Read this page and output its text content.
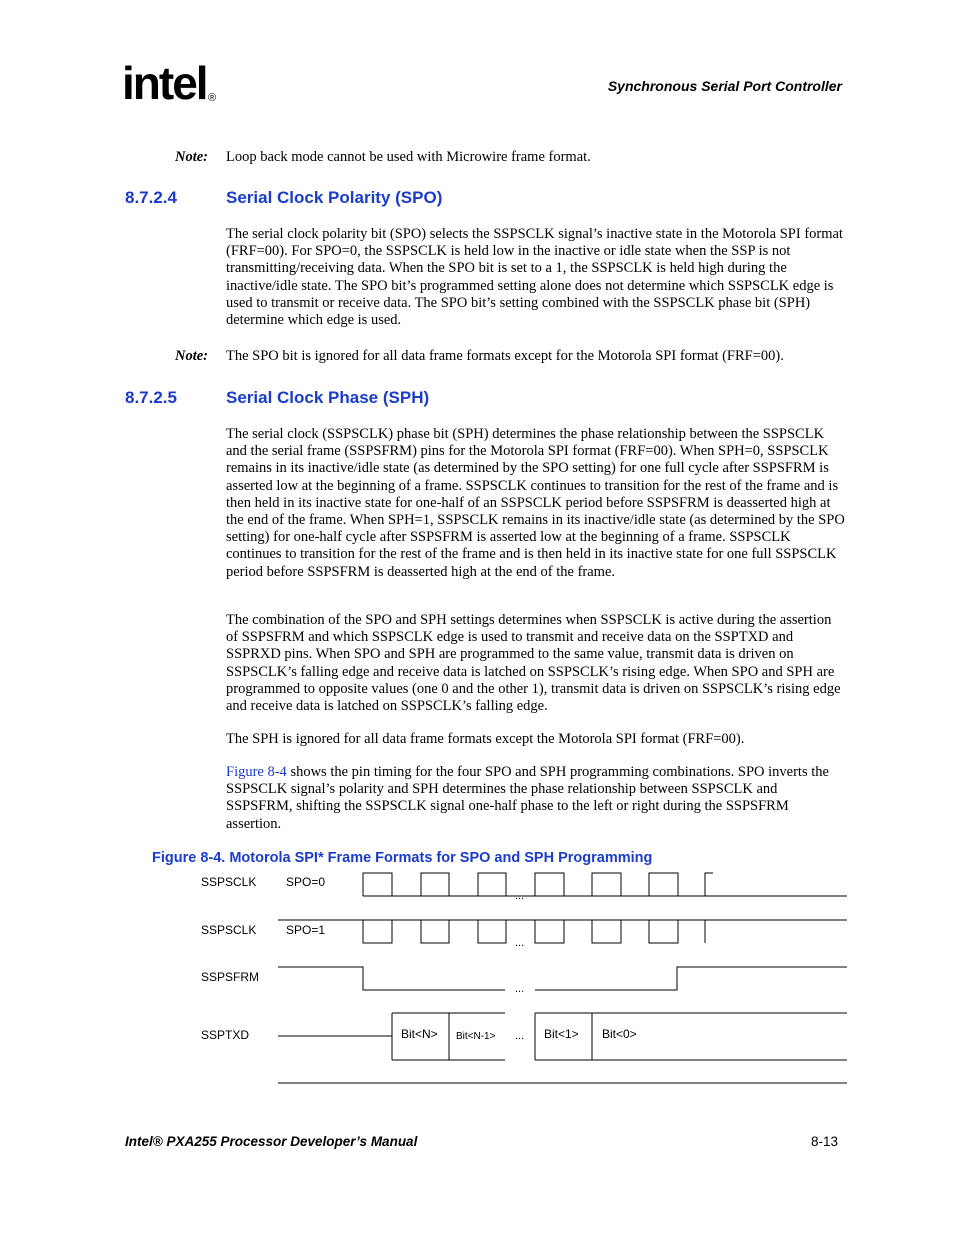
intel ®
Synchronous Serial Port Controller
Note: Loop back mode cannot be used with Microwire frame format.
8.7.2.4	Serial Clock Polarity (SPO)

The serial clock polarity bit (SPO) selects the SSPSCLK signal’s inactive state in the Motorola SPI format (FRF=00). For SPO=0, the SSPSCLK is held low in the inactive or idle state when the SSP is not transmitting/receiving data. When the SPO bit is set to a 1, the SSPSCLK is held high during the inactive/idle state. The SPO bit’s programmed setting alone does not determine which SSPSCLK edge is used to transmit or receive data. The SPO bit’s setting combined with the SSPSCLK phase bit (SPH) determine which edge is used.

Note: The SPO bit is ignored for all data frame formats except for the Motorola SPI format (FRF=00).
8.7.2.5	Serial Clock Phase (SPH)

The serial clock (SSPSCLK) phase bit (SPH) determines the phase relationship between the SSPSCLK and the serial frame (SSPSFRM) pins for the Motorola SPI format (FRF=00). When SPH=0, SSPSCLK remains in its inactive/idle state (as determined by the SPO setting) for one full cycle after SSPSFRM is asserted low at the beginning of a frame. SSPSCLK continues to transition for the rest of the frame and is then held in its inactive state for one-half of an SSPSCLK period before SSPSFRM is deasserted high at the end of the frame. When SPH=1, SSPSCLK remains in its inactive/idle state (as determined by the SPO setting) for one-half cycle after SSPSFRM is asserted low at the beginning of a frame. SSPSCLK continues to transition for the rest of the frame and is then held in its inactive state for one full SSPSCLK period before SSPSFRM is deasserted high at the end of the frame.

The combination of the SPO and SPH settings determines when SSPSCLK is active during the assertion of SSPSFRM and which SSPSCLK edge is used to transmit and receive data on the SSPTXD and SSPRXD pins. When SPO and SPH are programmed to the same value, transmit data is driven on SSPSCLK’s falling edge and receive data is latched on SSPSCLK’s rising edge. When SPO and SPH are programmed to opposite values (one 0 and the other 1), transmit data is driven on SSPSCLK’s rising edge and receive data is latched on SSPSCLK’s falling edge.

The SPH is ignored for all data frame formats except the Motorola SPI format (FRF=00).

Figure 8-4 shows the pin timing for the four SPO and SPH programming combinations. SPO inverts the SSPSCLK signal’s polarity and SPH determines the phase relationship between SSPSCLK and SSPSFRM, shifting the SSPSCLK signal one-half phase to the left or right during the SSPSFRM assertion.

Figure 8-4. Motorola SPI* Frame Formats for SPO and SPH Programming
SSPSCLK SPO=0
SSPSCLK SPO=1
SSPSFRM
SSPTXD
...
...
...
...
Bit<N> Bit<N-1>	Bit<1> Bit<0>
Intel® PXA255 Processor Developer’s Manual	8-13
